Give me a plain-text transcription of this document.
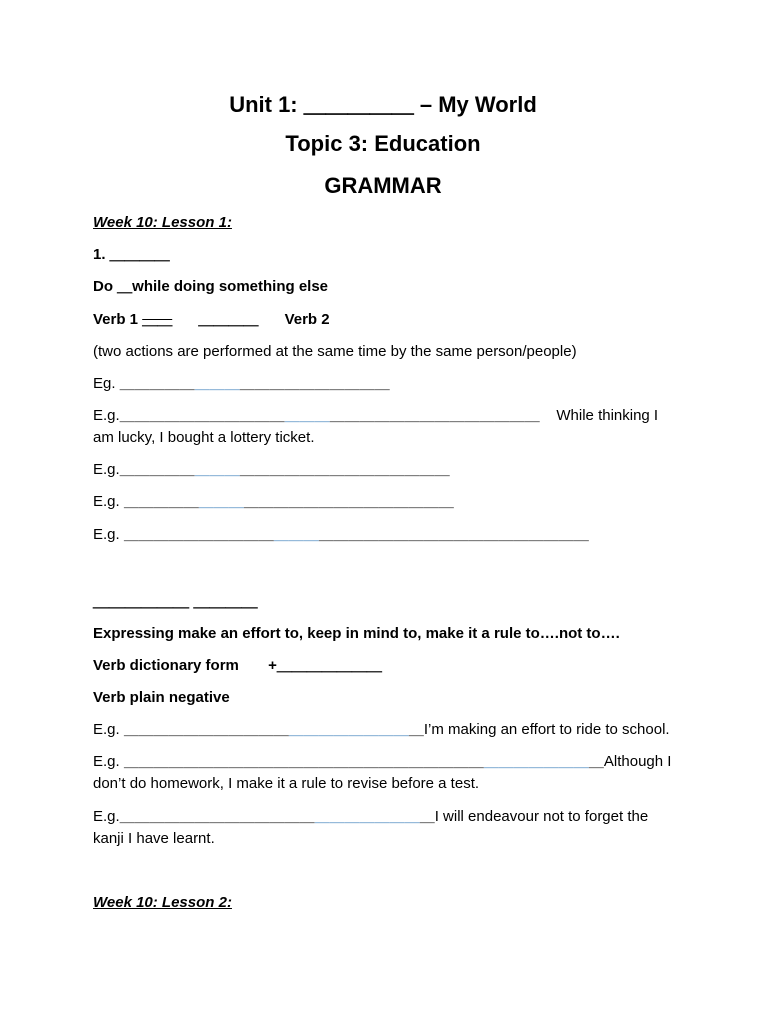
Unit 1: ＿＿＿＿＿ – My World
Topic 3: Education
GRAMMAR
Week 10: Lesson 1:
1. ＿＿＿＿
Do ＿while doing something else
Verb 1 ＿＿ ＿＿＿＿ Verb 2
(two actions are performed at the same time by the same person/people)
Eg. ＿＿＿＿＿＿＿＿＿＿＿＿＿＿＿＿＿＿
E.g.＿＿＿＿＿＿＿＿＿＿＿＿＿＿＿＿＿＿＿＿＿＿＿＿＿＿＿＿ While thinking I am lucky, I bought a lottery ticket.
E.g.＿＿＿＿＿＿＿＿＿＿＿＿＿＿＿＿＿＿＿＿＿＿
E.g. ＿＿＿＿＿＿＿＿＿＿＿＿＿＿＿＿＿＿＿＿＿＿
E.g. ＿＿＿＿＿＿＿＿＿＿＿＿＿＿＿＿＿＿＿＿＿＿＿＿＿＿＿＿＿＿＿
＿＿＿＿＿＿ ＿＿＿＿
Expressing make an effort to, keep in mind to, make it a rule to….not to….
Verb dictionary form +＿＿＿＿＿＿＿
Verb plain negative
E.g. ＿＿＿＿＿＿＿＿＿＿＿＿＿＿＿＿＿＿＿＿I’m making an effort to ride to school.
E.g. ＿＿＿＿＿＿＿＿＿＿＿＿＿＿＿＿＿＿＿＿＿＿＿＿＿＿＿＿＿＿＿＿Although I don’t do homework, I make it a rule to revise before a test.
E.g.＿＿＿＿＿＿＿＿＿＿＿＿＿＿＿＿＿＿＿＿＿I will endeavour not to forget the kanji I have learnt.
Week 10: Lesson 2:
